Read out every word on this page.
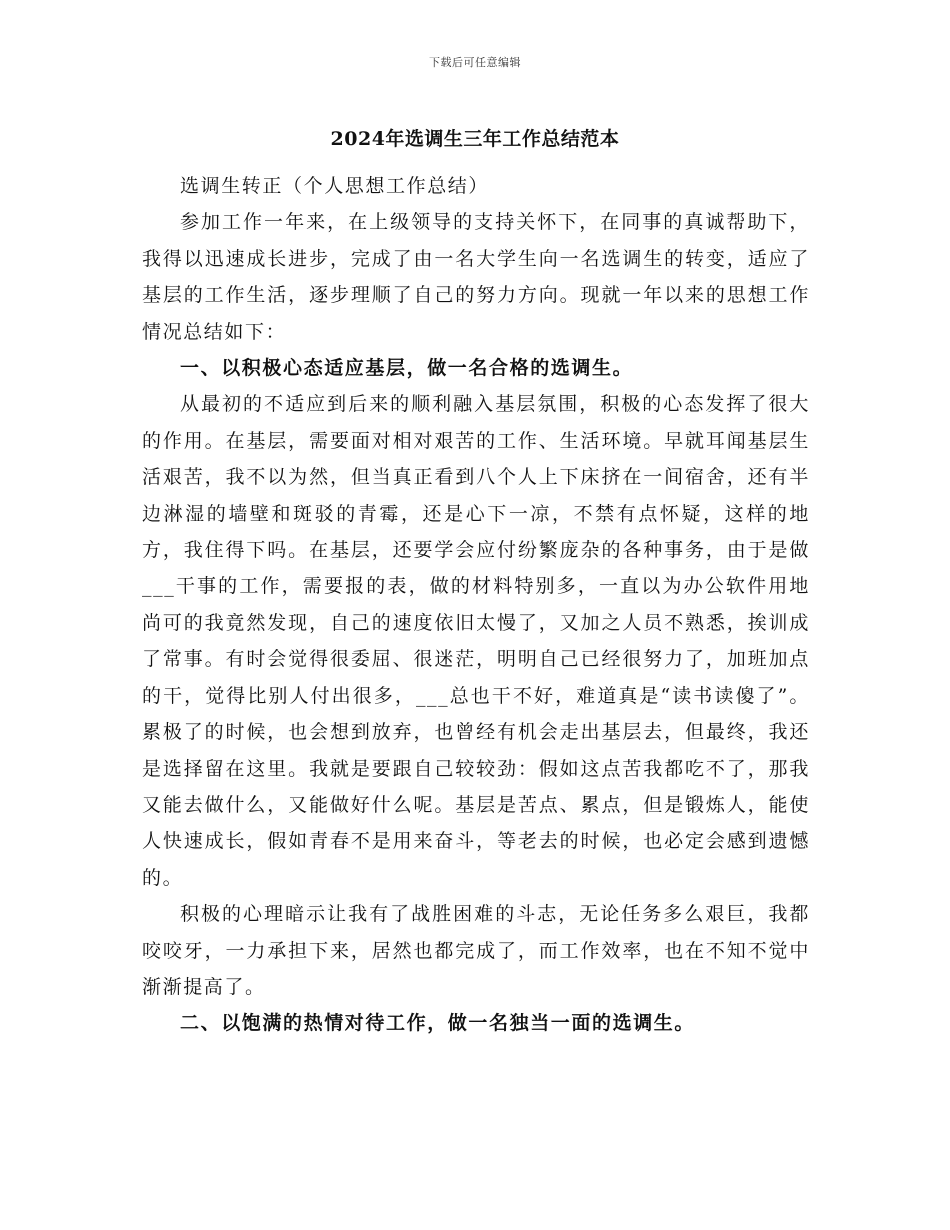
下载后可任意编辑
2024年选调生三年工作总结范本

选调生转正（个人思想工作总结）

参加工作一年来，在上级领导的支持关怀下，在同事的真诚帮助下，我得以迅速成长进步，完成了由一名大学生向一名选调生的转变，适应了基层的工作生活，逐步理顺了自己的努力方向。现就一年以来的思想工作情况总结如下：

一、以积极心态适应基层，做一名合格的选调生。

从最初的不适应到后来的顺利融入基层氛围，积极的心态发挥了很大的作用。在基层，需要面对相对艰苦的工作、生活环境。早就耳闻基层生活艰苦，我不以为然，但当真正看到八个人上下床挤在一间宿舍，还有半边淋湿的墙壁和斑驳的青霉，还是心下一凉，不禁有点怀疑，这样的地方，我住得下吗。在基层，还要学会应付纷繁庞杂的各种事务，由于是做___干事的工作，需要报的表，做的材料特别多，一直以为办公软件用地尚可的我竟然发现，自己的速度依旧太慢了，又加之人员不熟悉，挨训成了常事。有时会觉得很委屈、很迷茫，明明自己已经很努力了，加班加点的干，觉得比别人付出很多，___总也干不好，难道真是“读书读傻了”。累极了的时候，也会想到放弃，也曾经有机会走出基层去，但最终，我还是选择留在这里。我就是要跟自己较较劲：假如这点苦我都吃不了，那我又能去做什么，又能做好什么呢。基层是苦点、累点，但是锻炼人，能使人快速成长，假如青春不是用来奋斗，等老去的时候，也必定会感到遗憾的。

积极的心理暗示让我有了战胜困难的斗志，无论任务多么艰巨，我都咬咬牙，一力承担下来，居然也都完成了，而工作效率，也在不知不觉中渐渐提高了。

二、以饱满的热情对待工作，做一名独当一面的选调生。
